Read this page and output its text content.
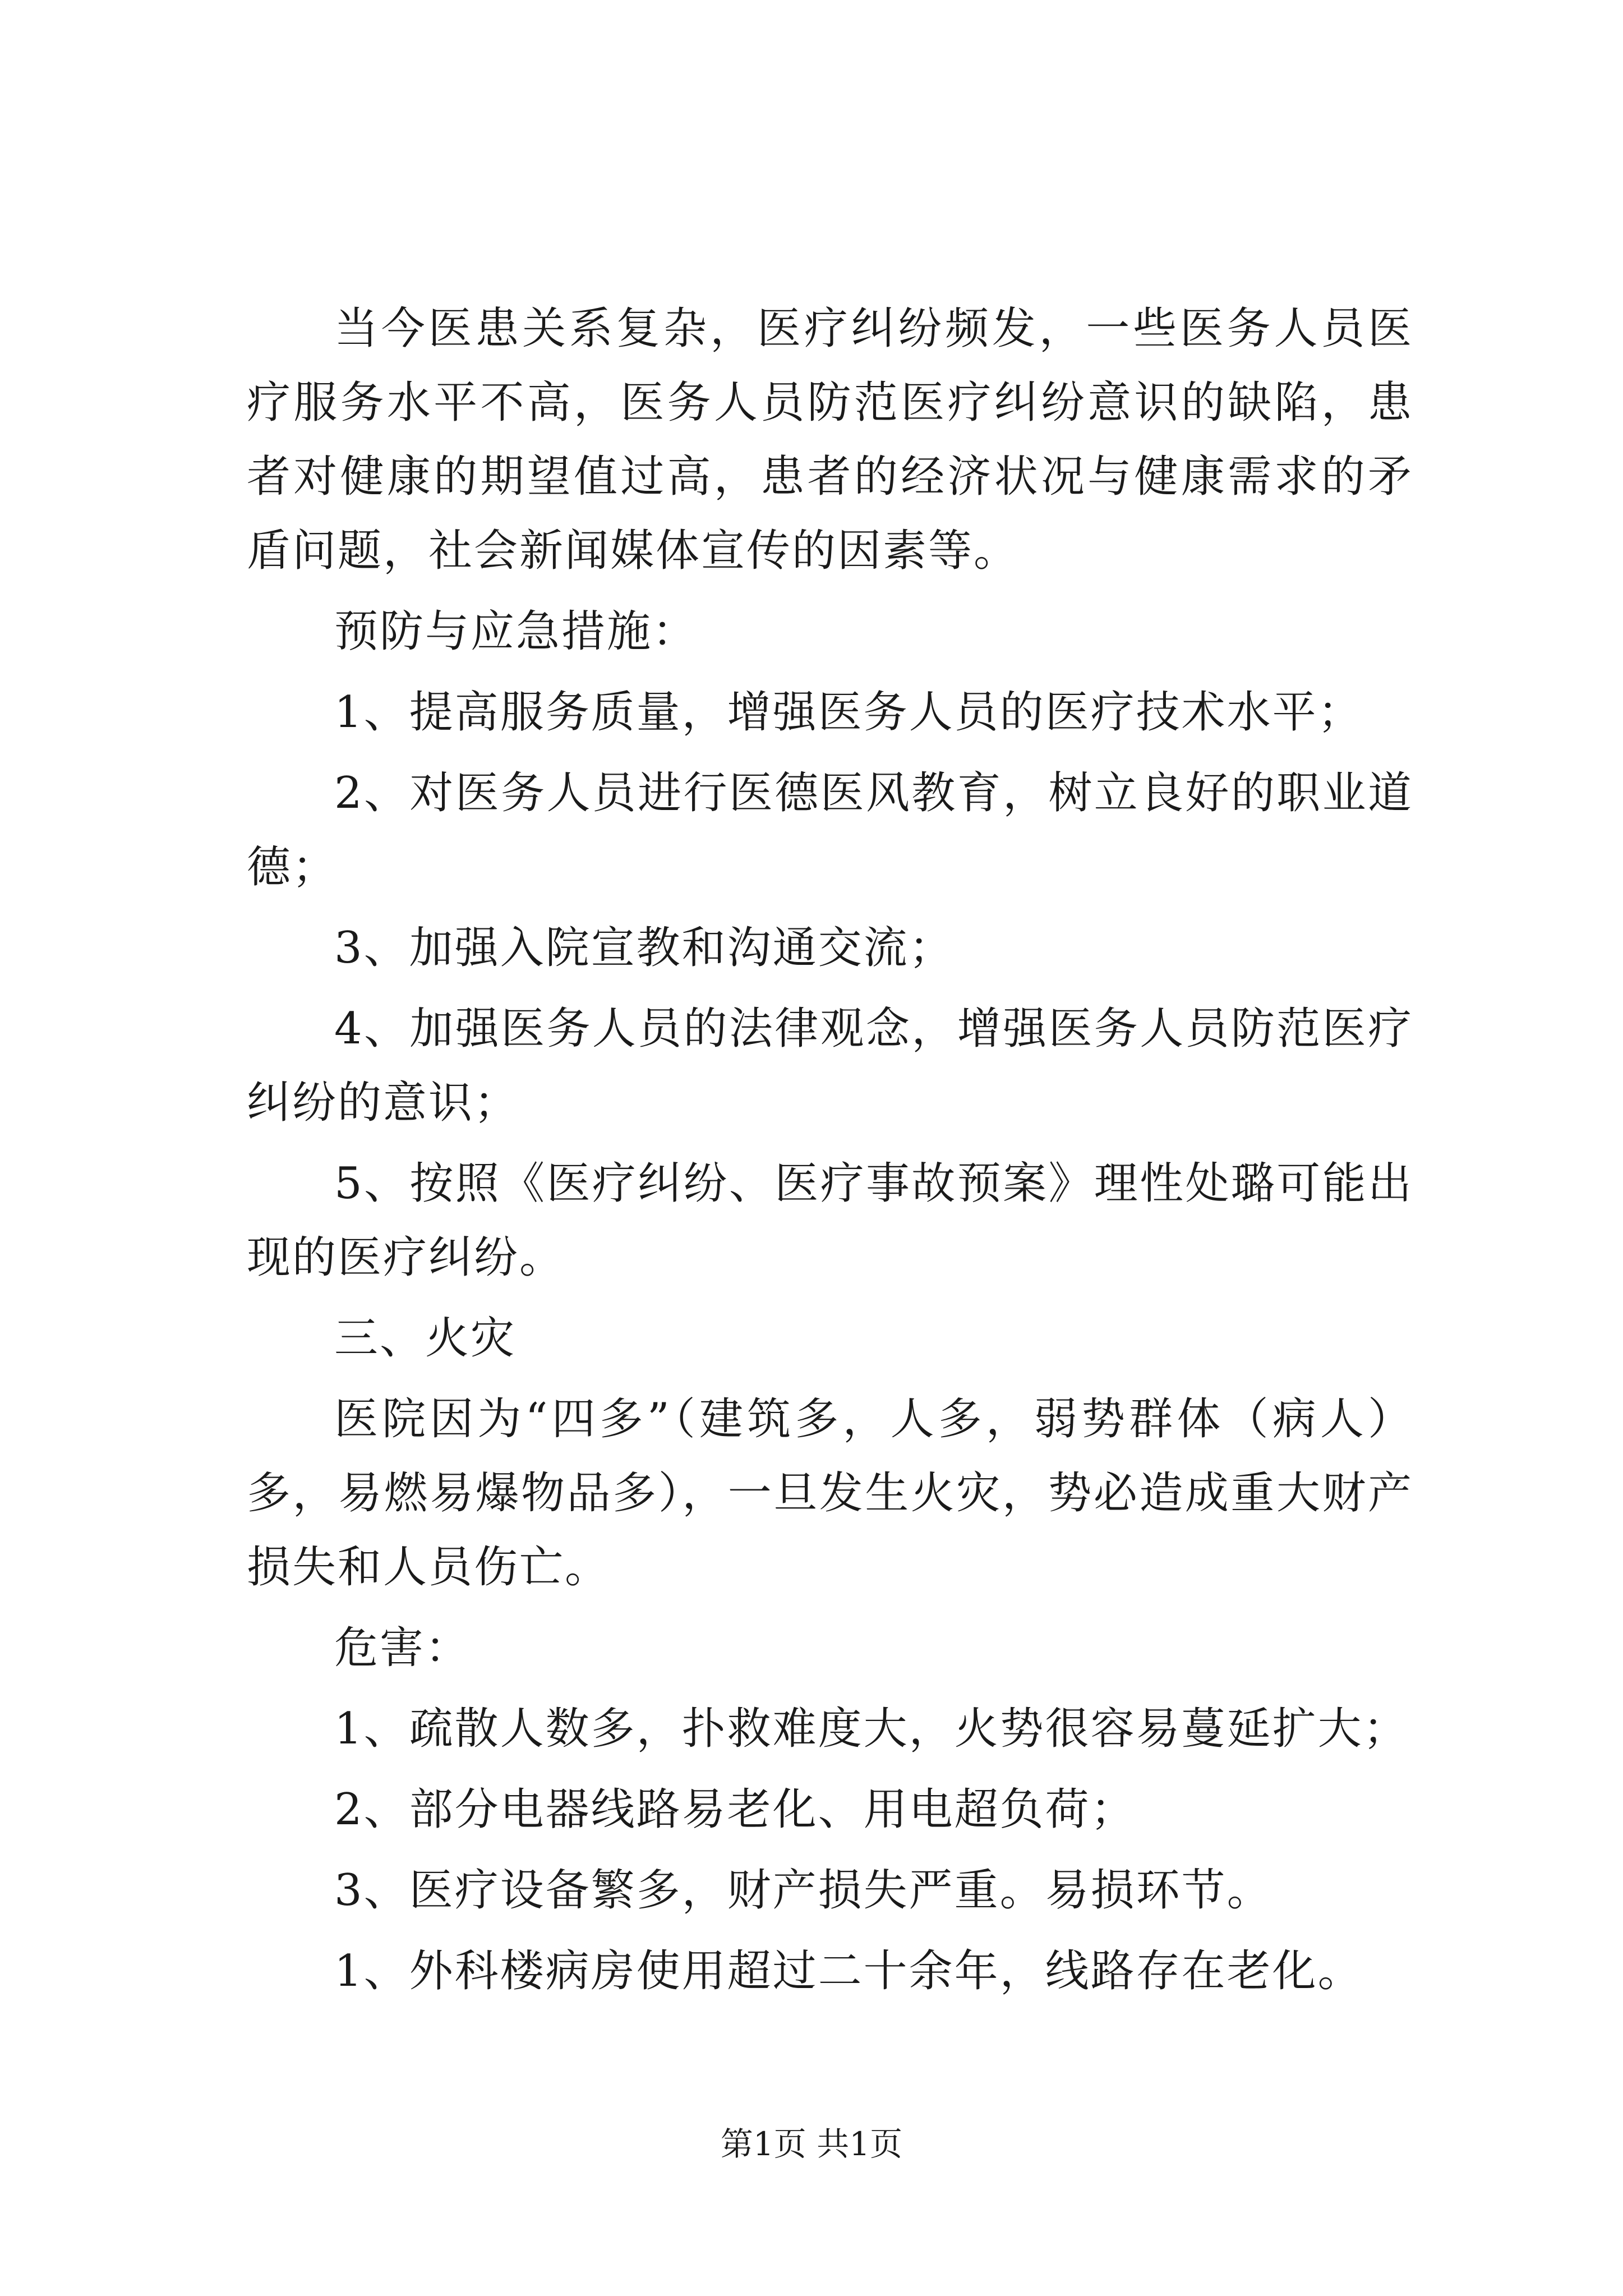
当今医患关系复杂，医疗纠纷频发，一些医务人员医疗服务水平不高，医务人员防范医疗纠纷意识的缺陷，患者对健康的期望值过高，患者的经济状况与健康需求的矛盾问题，社会新闻媒体宣传的因素等。

预防与应急措施：

1、提高服务质量，增强医务人员的医疗技术水平；

2、对医务人员进行医德医风教育，树立良好的职业道德；

3、加强入院宣教和沟通交流；

4、加强医务人员的法律观念，增强医务人员防范医疗纠纷的意识；

5、按照《医疗纠纷、医疗事故预案》理性处璐可能出现的医疗纠纷。

三、火灾

医院因为“四多”（建筑多，人多，弱势群体（病人）多，易燃易爆物品多），一旦发生火灾，势必造成重大财产损失和人员伤亡。

危害：

1、疏散人数多，扑救难度大，火势很容易蔓延扩大；

2、部分电器线路易老化、用电超负荷；

3、医疗设备繁多，财产损失严重。易损环节。

1、外科楼病房使用超过二十余年，线路存在老化。

第1页 共1页
